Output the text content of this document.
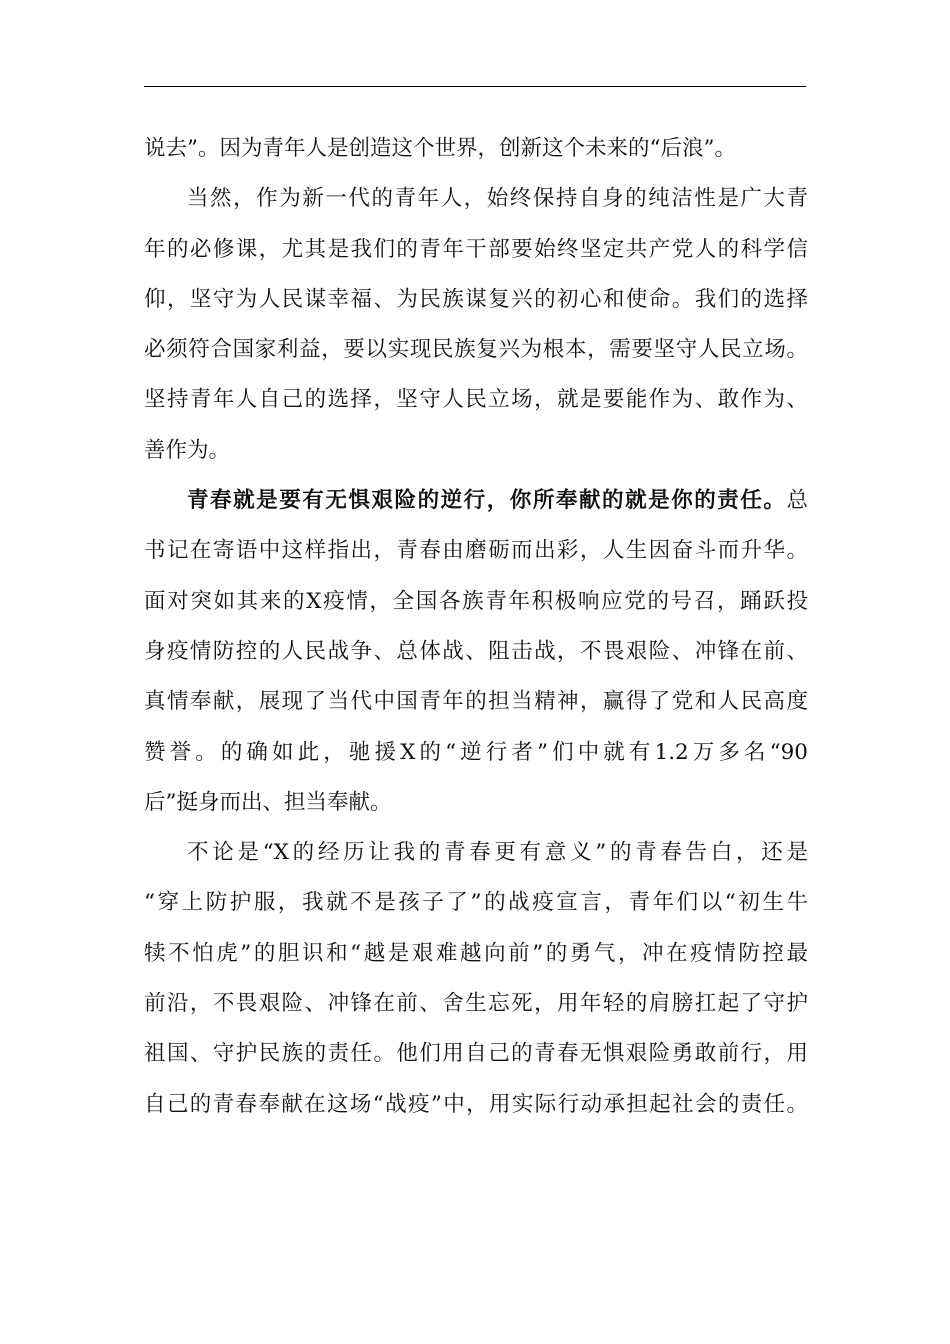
说去”。因为青年人是创造这个世界，创新这个未来的“后浪”。
当然，作为新一代的青年人，始终保持自身的纯洁性是广大青
年的必修课，尤其是我们的青年干部要始终坚定共产党人的科学信
仰，坚守为人民谋幸福、为民族谋复兴的初心和使命。我们的选择
必须符合国家利益，要以实现民族复兴为根本，需要坚守人民立场。
坚持青年人自己的选择，坚守人民立场，就是要能作为、敢作为、
善作为。
青春就是要有无惧艰险的逆行，你所奉献的就是你的责任。总
书记在寄语中这样指出，青春由磨砺而出彩，人生因奋斗而升华。
面对突如其来的X疫情，全国各族青年积极响应党的号召，踊跃投
身疫情防控的人民战争、总体战、阻击战，不畏艰险、冲锋在前、
真情奉献，展现了当代中国青年的担当精神，赢得了党和人民高度
赞誉。的确如此，驰援X的“逆行者”们中就有1.2万多名“90
后”挺身而出、担当奉献。
不论是“X的经历让我的青春更有意义”的青春告白，还是
“穿上防护服，我就不是孩子了”的战疫宣言，青年们以“初生牛
犊不怕虎”的胆识和“越是艰难越向前”的勇气，冲在疫情防控最
前沿，不畏艰险、冲锋在前、舍生忘死，用年轻的肩膀扛起了守护
祖国、守护民族的责任。他们用自己的青春无惧艰险勇敢前行，用
自己的青春奉献在这场“战疫”中，用实际行动承担起社会的责任。
